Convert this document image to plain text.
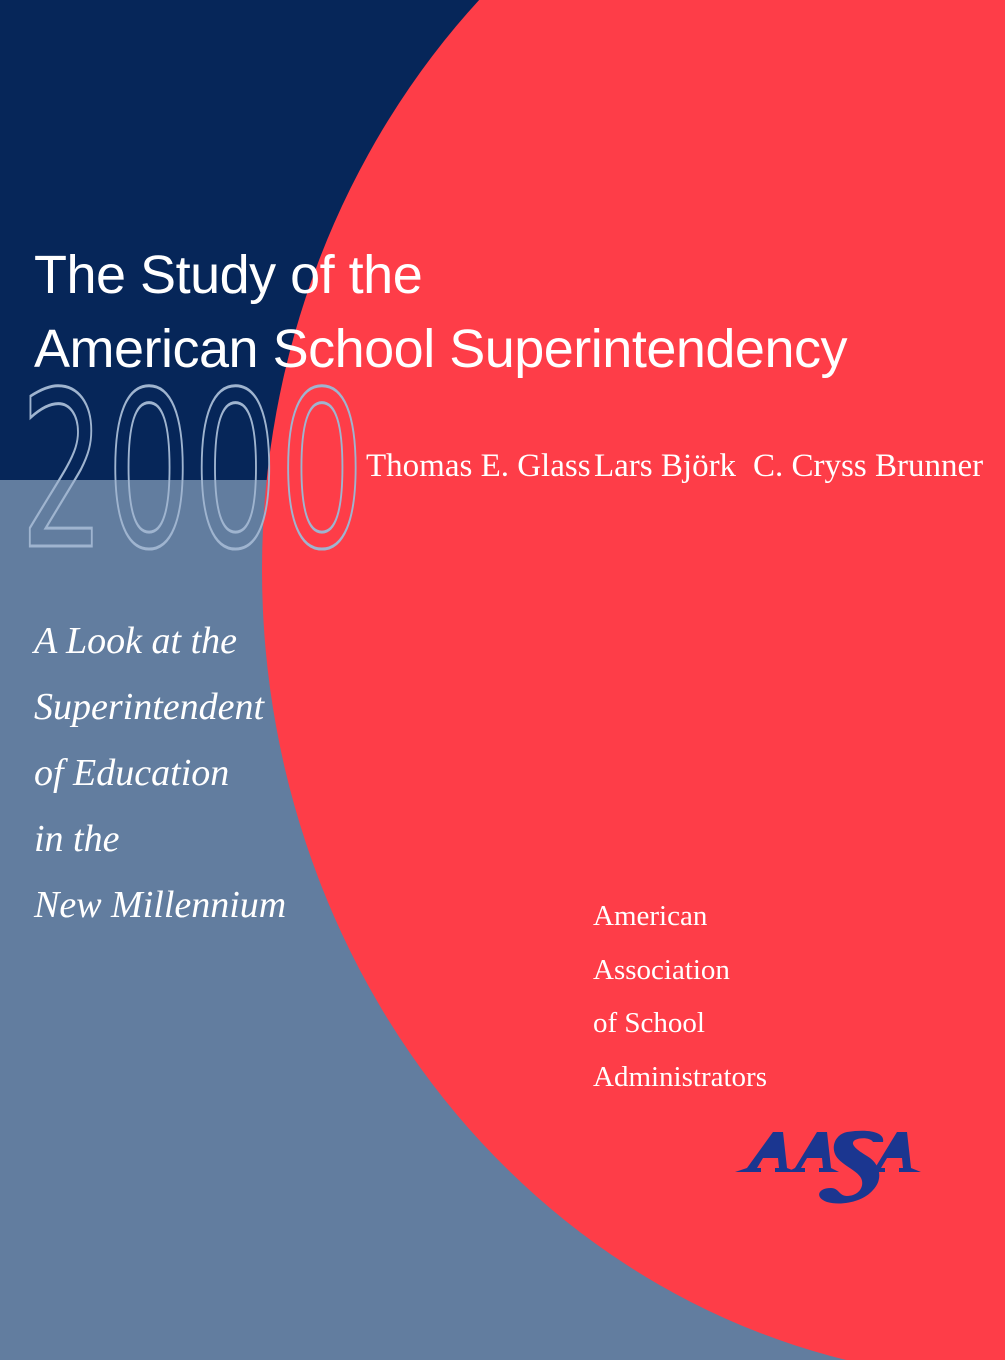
2000
The Study of the
American School Superintendency
Thomas E. Glass Lars Björk C. Cryss Brunner
A Look at the
Superintendent
of Education
in the
New Millennium	American
Association
of School
Administrators
